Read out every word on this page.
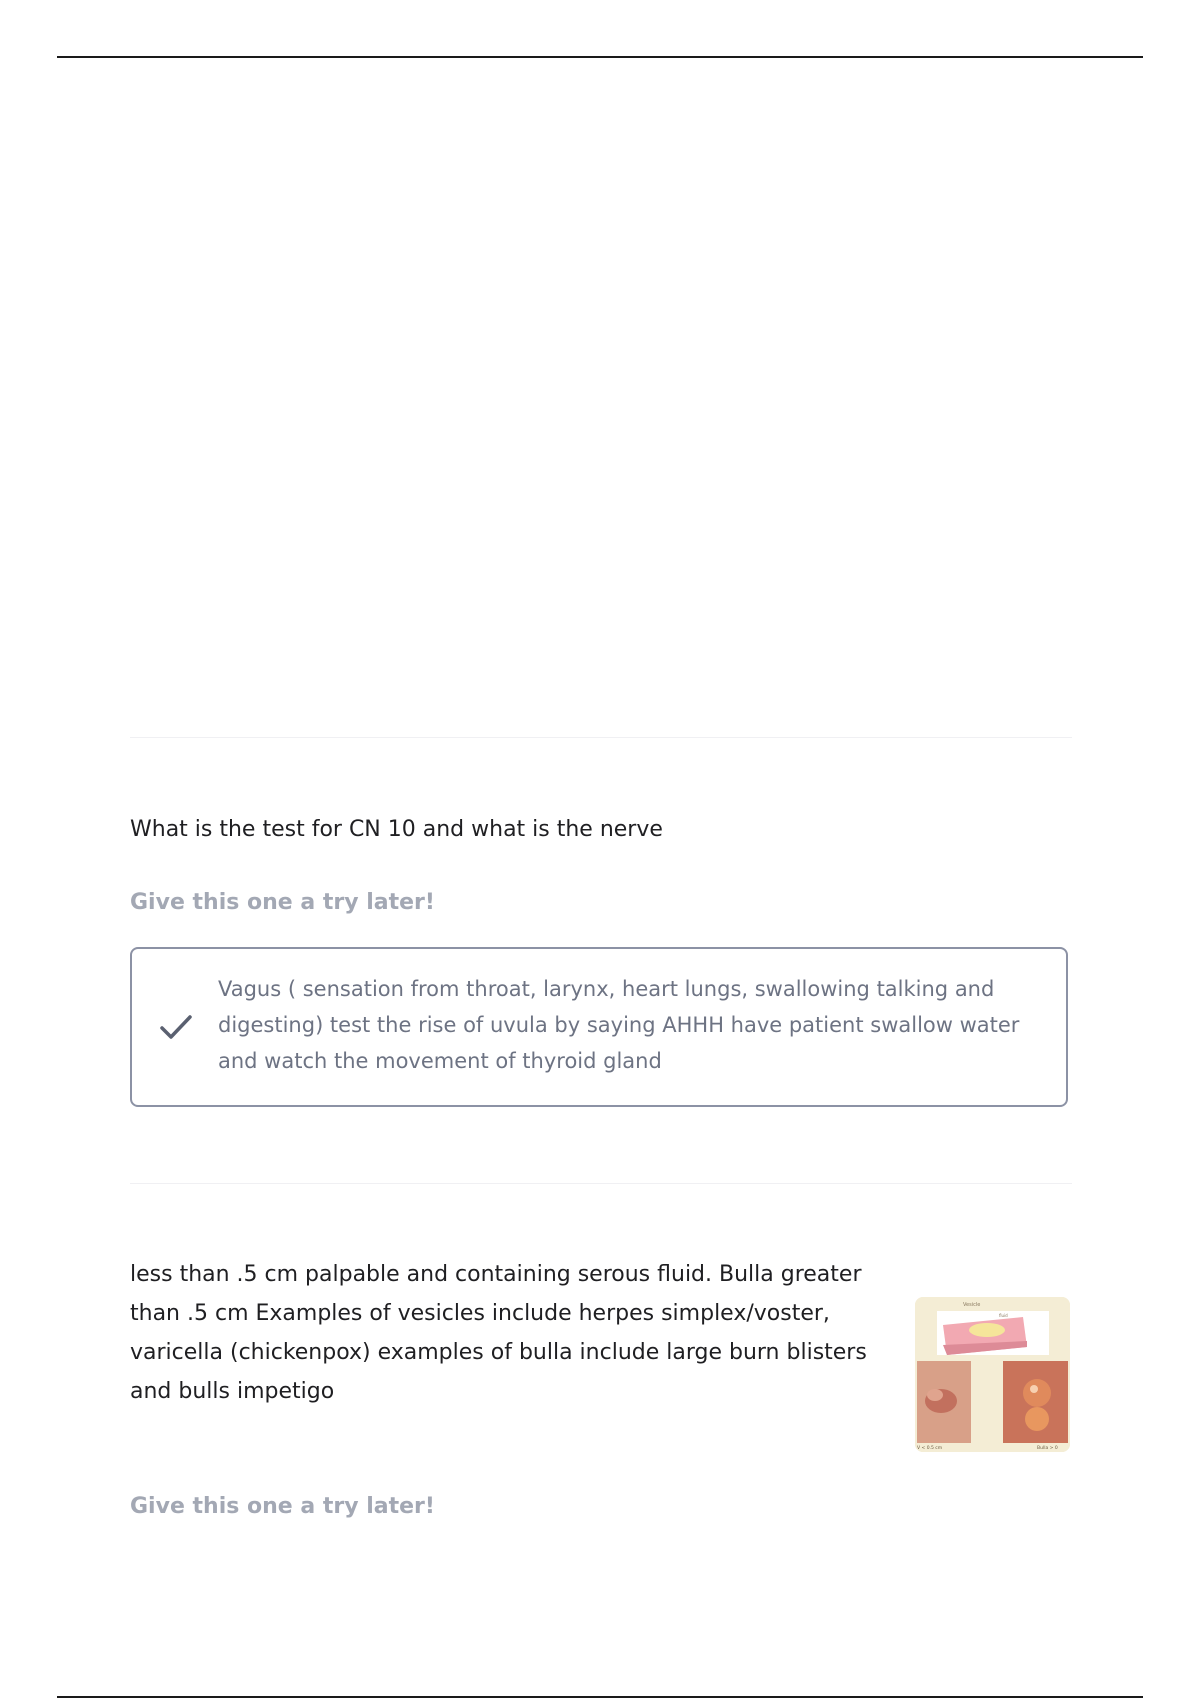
What is the test for CN 10 and what is the nerve
Give this one a try later!
Vagus ( sensation from throat, larynx, heart lungs, swallowing talking and digesting) test the rise of uvula by saying AHHH have patient swallow water and watch the movement of thyroid gland
less than .5 cm palpable and containing serous fluid. Bulla greater than .5 cm Examples of vesicles include herpes simplex/voster, varicella (chickenpox) examples of bulla include large burn blisters and bulls impetigo
Vesicle
fluid
V < 0.5 cm	Bulla > 0
Give this one a try later!
